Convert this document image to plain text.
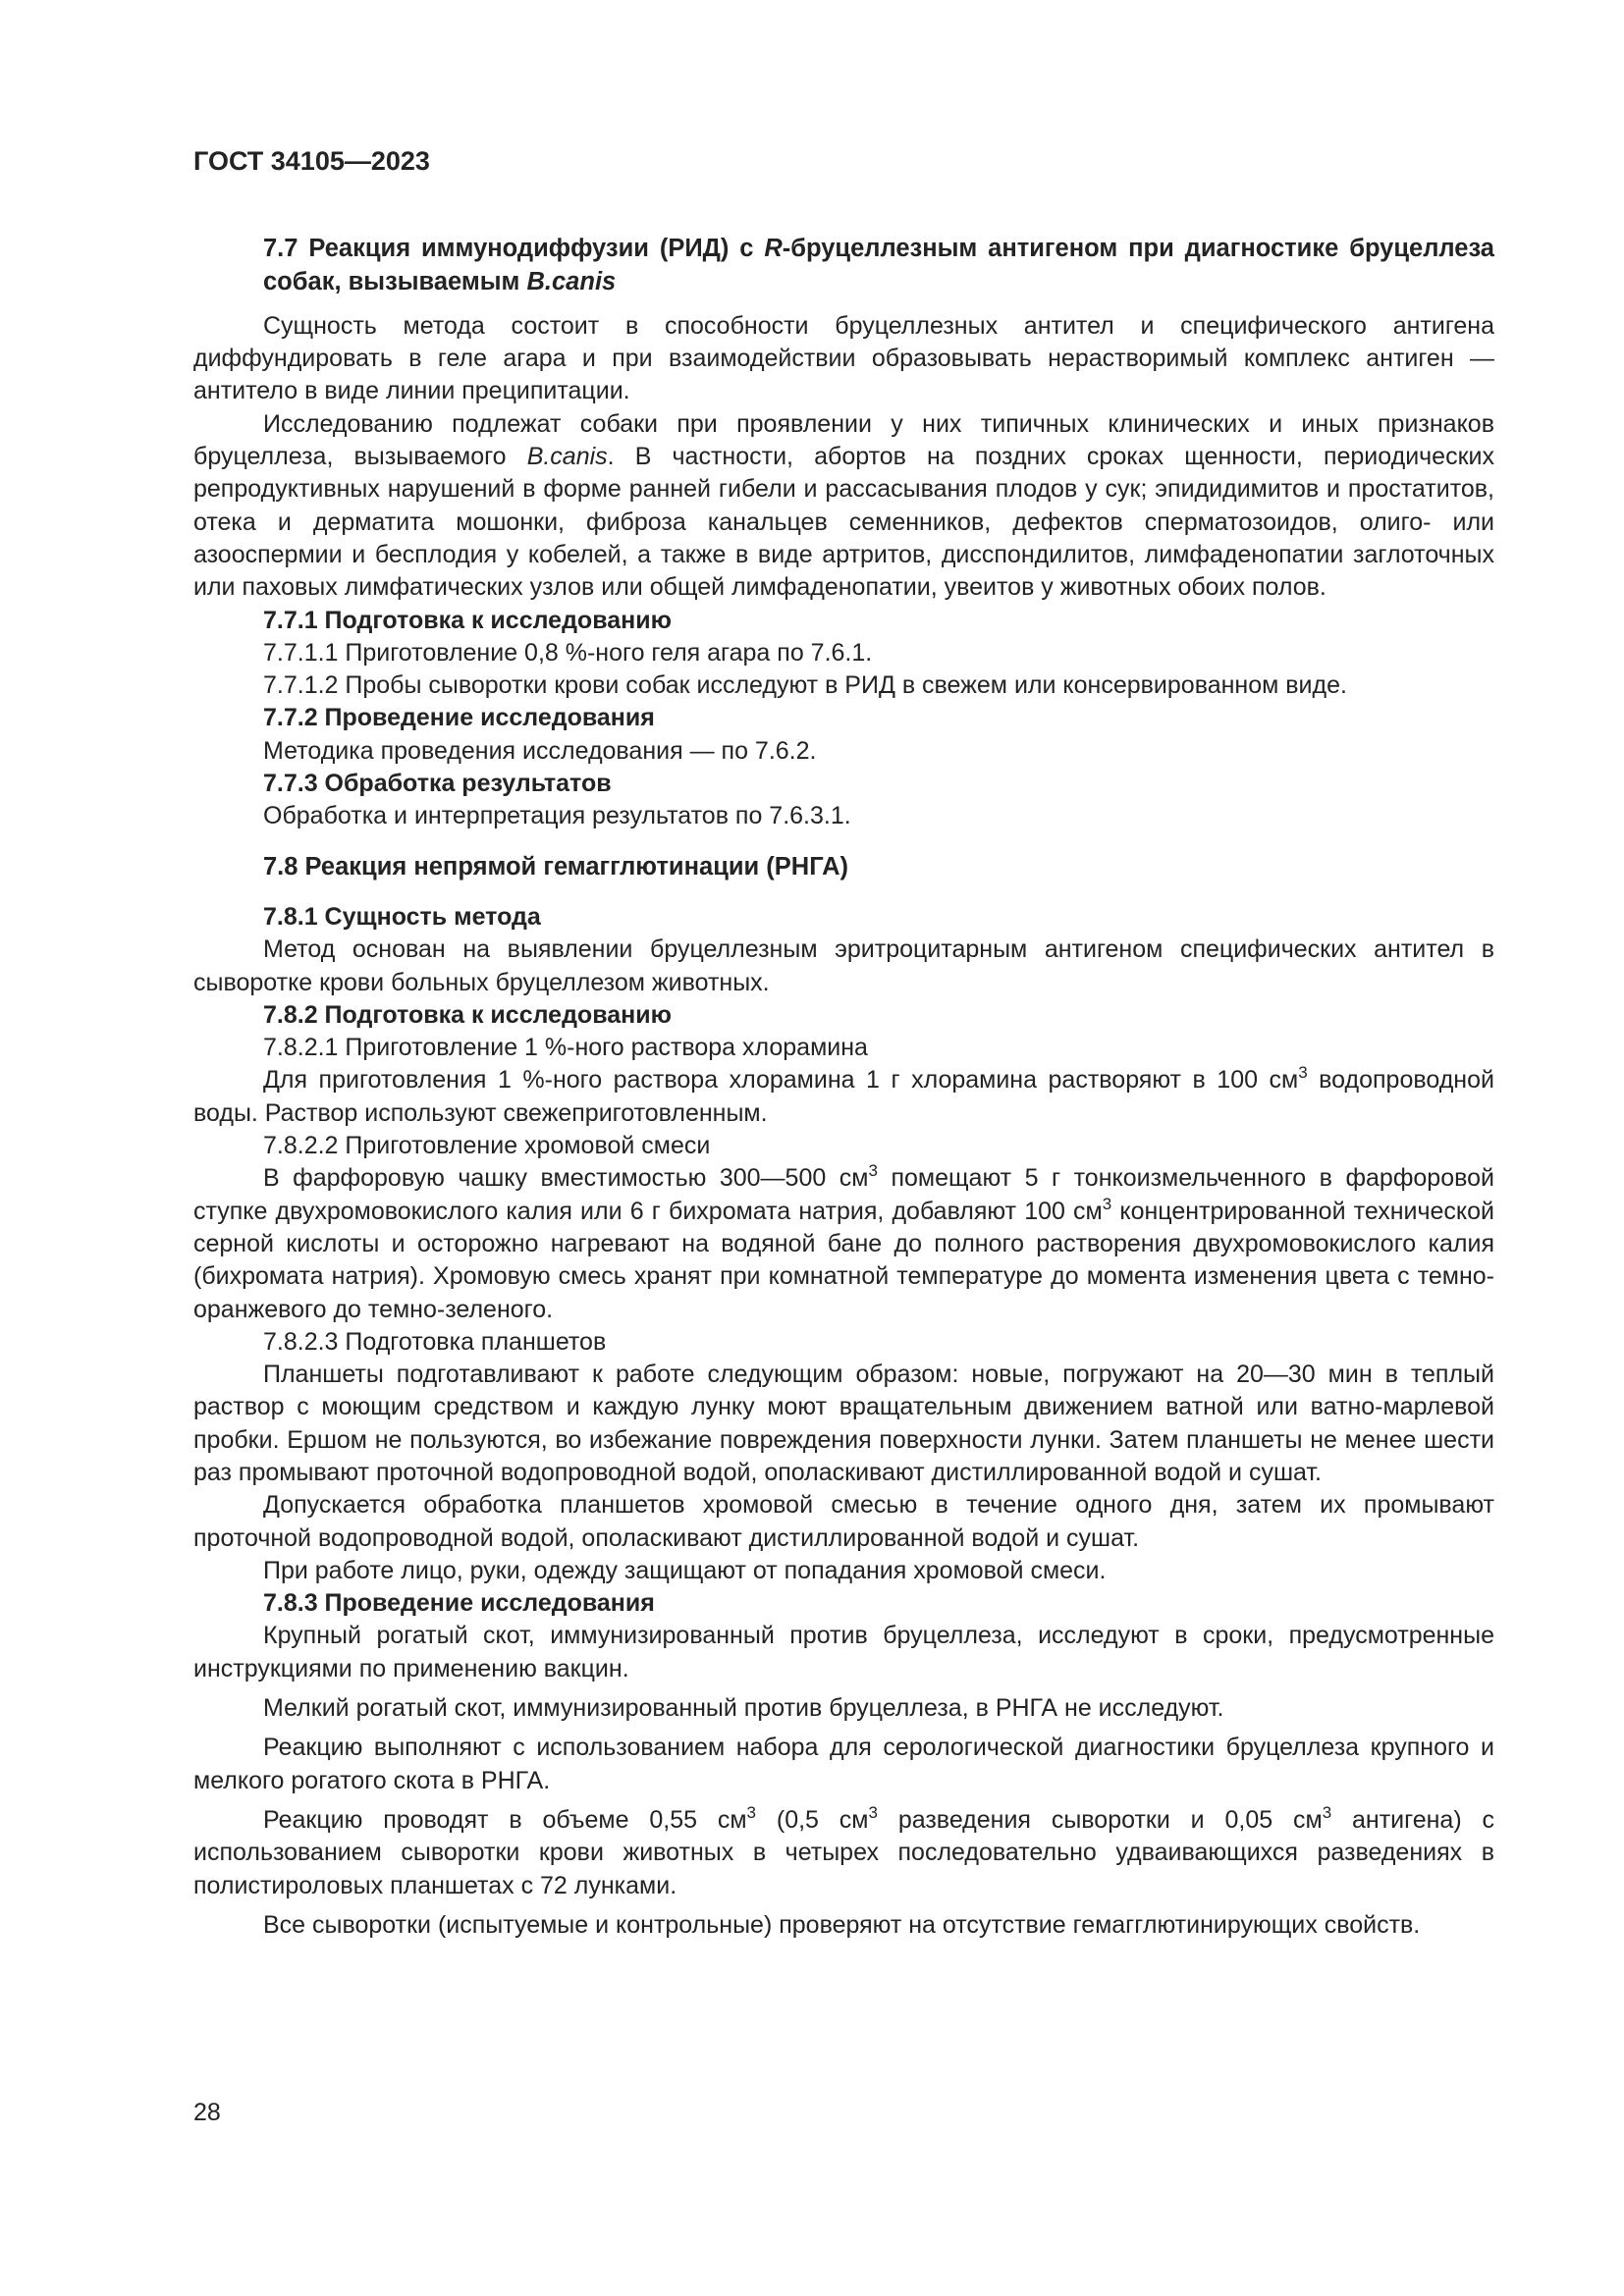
ГОСТ 34105—2023

7.7 Реакция иммунодиффузии (РИД) с R-бруцеллезным антигеном при диагностике бруцеллеза собак, вызываемым B.canis

Сущность метода состоит в способности бруцеллезных антител и специфического антигена диффундировать в геле агара и при взаимодействии образовывать нерастворимый комплекс антиген — антитело в виде линии преципитации.

Исследованию подлежат собаки при проявлении у них типичных клинических и иных признаков бруцеллеза, вызываемого B.canis. В частности, абортов на поздних сроках щенности, периодических репродуктивных нарушений в форме ранней гибели и рассасывания плодов у сук; эпидидимитов и простатитов, отека и дерматита мошонки, фиброза канальцев семенников, дефектов сперматозоидов, олиго- или азооспермии и бесплодия у кобелей, а также в виде артритов, дисспондилитов, лимфаденопатии заглоточных или паховых лимфатических узлов или общей лимфаденопатии, увеитов у животных обоих полов.

7.7.1 Подготовка к исследованию

7.7.1.1 Приготовление 0,8 %-ного геля агара по 7.6.1.

7.7.1.2 Пробы сыворотки крови собак исследуют в РИД в свежем или консервированном виде.

7.7.2 Проведение исследования

Методика проведения исследования — по 7.6.2.

7.7.3 Обработка результатов

Обработка и интерпретация результатов по 7.6.3.1.

7.8 Реакция непрямой гемагглютинации (РНГА)

7.8.1 Сущность метода

Метод основан на выявлении бруцеллезным эритроцитарным антигеном специфических антител в сыворотке крови больных бруцеллезом животных.

7.8.2 Подготовка к исследованию

7.8.2.1 Приготовление 1 %-ного раствора хлорамина

Для приготовления 1 %-ного раствора хлорамина 1 г хлорамина растворяют в 100 $см^3$ водопроводной воды. Раствор используют свежеприготовленным.

7.8.2.2 Приготовление хромовой смеси

В фарфоровую чашку вместимостью 300—500 $см^3$ помещают 5 г тонкоизмельченного в фарфоровой ступке двухромовокислого калия или 6 г бихромата натрия, добавляют 100 $см^3$ концентрированной технической серной кислоты и осторожно нагревают на водяной бане до полного растворения двухромовокислого калия (бихромата натрия). Хромовую смесь хранят при комнатной температуре до момента изменения цвета с темно-оранжевого до темно-зеленого.

7.8.2.3 Подготовка планшетов

Планшеты подготавливают к работе следующим образом: новые, погружают на 20—30 мин в теплый раствор с моющим средством и каждую лунку моют вращательным движением ватной или ватно-марлевой пробки. Ершом не пользуются, во избежание повреждения поверхности лунки. Затем планшеты не менее шести раз промывают проточной водопроводной водой, ополаскивают дистиллированной водой и сушат.

Допускается обработка планшетов хромовой смесью в течение одного дня, затем их промывают проточной водопроводной водой, ополаскивают дистиллированной водой и сушат.

При работе лицо, руки, одежду защищают от попадания хромовой смеси.

7.8.3 Проведение исследования

Крупный рогатый скот, иммунизированный против бруцеллеза, исследуют в сроки, предусмотренные инструкциями по применению вакцин.

Мелкий рогатый скот, иммунизированный против бруцеллеза, в РНГА не исследуют.

Реакцию выполняют с использованием набора для серологической диагностики бруцеллеза крупного и мелкого рогатого скота в РНГА.

Реакцию проводят в объеме 0,55 $см^3$ (0,5 $см^3$ разведения сыворотки и 0,05 $см^3$ антигена) с использованием сыворотки крови животных в четырех последовательно удваивающихся разведениях в полистироловых планшетах с 72 лунками.

Все сыворотки (испытуемые и контрольные) проверяют на отсутствие гемагглютинирующих свойств.

28
